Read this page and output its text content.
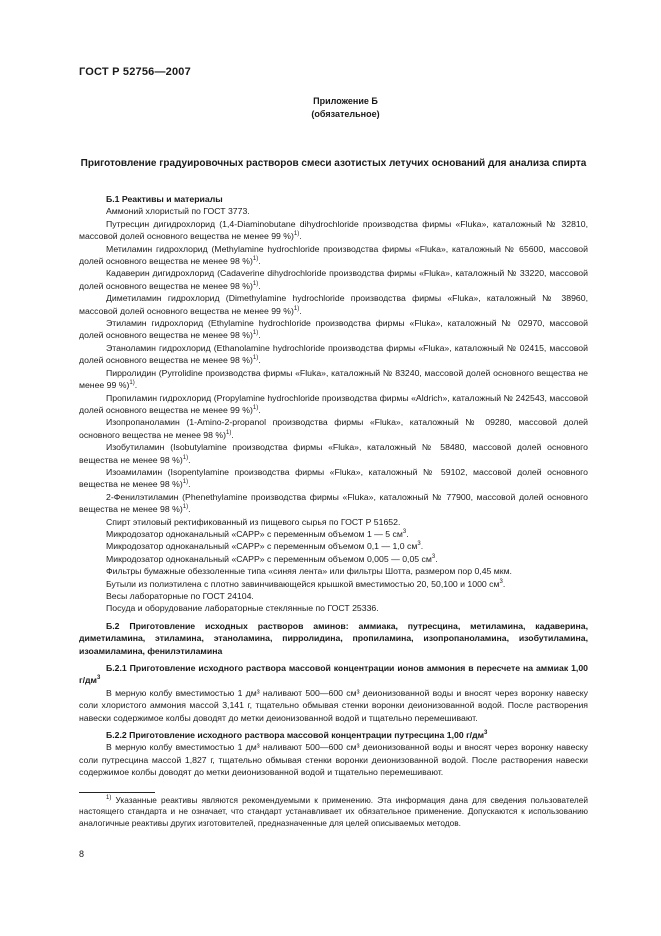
ГОСТ Р 52756—2007
Приложение Б
(обязательное)
Приготовление градуировочных растворов смеси азотистых летучих оснований для анализа спирта

Б.1 Реактивы и материалы

Аммоний хлористый по ГОСТ 3773.

Путресцин дигидрохлорид (1,4-Diaminobutane dihydrochloride производства фирмы «Fluka», каталожный № 32810, массовой долей основного вещества не менее 99 %)$^{1)}$.

Метиламин гидрохлорид (Methylamine hydrochloride производства фирмы «Fluka», каталожный № 65600, массовой долей основного вещества не менее 98 %)$^{1)}$.

Кадаверин дигидрохлорид (Cadaverine dihydrochloride производства фирмы «Fluka», каталожный № 33220, массовой долей основного вещества не менее 98 %)$^{1)}$.

Диметиламин гидрохлорид (Dimethylamine hydrochloride производства фирмы «Fluka», каталожный № 38960, массовой долей основного вещества не менее 99 %)$^{1)}$.

Этиламин гидрохлорид (Ethylamine hydrochloride производства фирмы «Fluka», каталожный № 02970, массовой долей основного вещества не менее 98 %)$^{1)}$.

Этаноламин гидрохлорид (Ethanolamine hydrochloride производства фирмы «Fluka», каталожный № 02415, массовой долей основного вещества не менее 98 %)$^{1)}$.

Пирролидин (Pyrrolidine производства фирмы «Fluka», каталожный № 83240, массовой долей основного вещества не менее 99 %)$^{1)}$.

Пропиламин гидрохлорид (Propylamine hydrochloride производства фирмы «Aldrich», каталожный № 242543, массовой долей основного вещества не менее 99 %)$^{1)}$.

Изопропаноламин (1-Amino-2-propanol производства фирмы «Fluka», каталожный № 09280, массовой долей основного вещества не менее 98 %)$^{1)}$.

Изобутиламин (Isobutylamine производства фирмы «Fluka», каталожный № 58480, массовой долей основного вещества не менее 98 %)$^{1)}$.

Изоамиламин (Isopentylamine производства фирмы «Fluka», каталожный № 59102, массовой долей основного вещества не менее 98 %)$^{1)}$.

2-Фенилэтиламин (Phenethylamine производства фирмы «Fluka», каталожный № 77900, массовой долей основного вещества не менее 98 %)$^{1)}$.

Спирт этиловый ректификованный из пищевого сырья по ГОСТ Р 51652.

Микродозатор одноканальный «САPP» с переменным объемом 1 — 5 $см^3$.

Микродозатор одноканальный «САPP» с переменным объемом 0,1 — 1,0 $см^3$.

Микродозатор одноканальный «САPP» с переменным объемом 0,005 — 0,05 $см^3$.

Фильтры бумажные обеззоленные типа «синяя лента» или фильтры Шотта, размером пор 0,45 мкм.

Бутыли из полиэтилена с плотно завинчивающейся крышкой вместимостью 20, 50,100 и 1000 $см^3$.

Весы лабораторные по ГОСТ 24104.

Посуда и оборудование лабораторные стеклянные по ГОСТ 25336.

Б.2 Приготовление исходных растворов аминов: аммиака, путресцина, метиламина, кадаверина, диметиламина, этиламина, этаноламина, пирролидина, пропиламина, изопропаноламина, изобутиламина, изоамиламина, фенилэтиламина

Б.2.1 Приготовление исходного раствора массовой концентрации ионов аммония в пересчете на аммиак 1,00 $г/дм^3$

В мерную колбу вместимостью 1 дм³ наливают 500—600 см³ деионизованной воды и вносят через воронку навеску соли хлористого аммония массой 3,141 г, тщательно обмывая стенки воронки деионизованной водой. После растворения навески содержимое колбы доводят до метки деионизованной водой и тщательно перемешивают.

Б.2.2 Приготовление исходного раствора массовой концентрации путресцина 1,00 $г/дм^3$

В мерную колбу вместимостью 1 дм³ наливают 500—600 см³ деионизованной воды и вносят через воронку навеску соли путресцина массой 1,827 г, тщательно обмывая стенки воронки деионизованной водой. После растворения навески содержимое колбы доводят до метки деионизованной водой и тщательно перемешивают.

$^{1)}$ Указанные реактивы являются рекомендуемыми к применению. Эта информация дана для сведения пользователей настоящего стандарта и не означает, что стандарт устанавливает их обязательное применение. Допускаются к использованию аналогичные реактивы других изготовителей, предназначенные для целей описываемых методов.

8
